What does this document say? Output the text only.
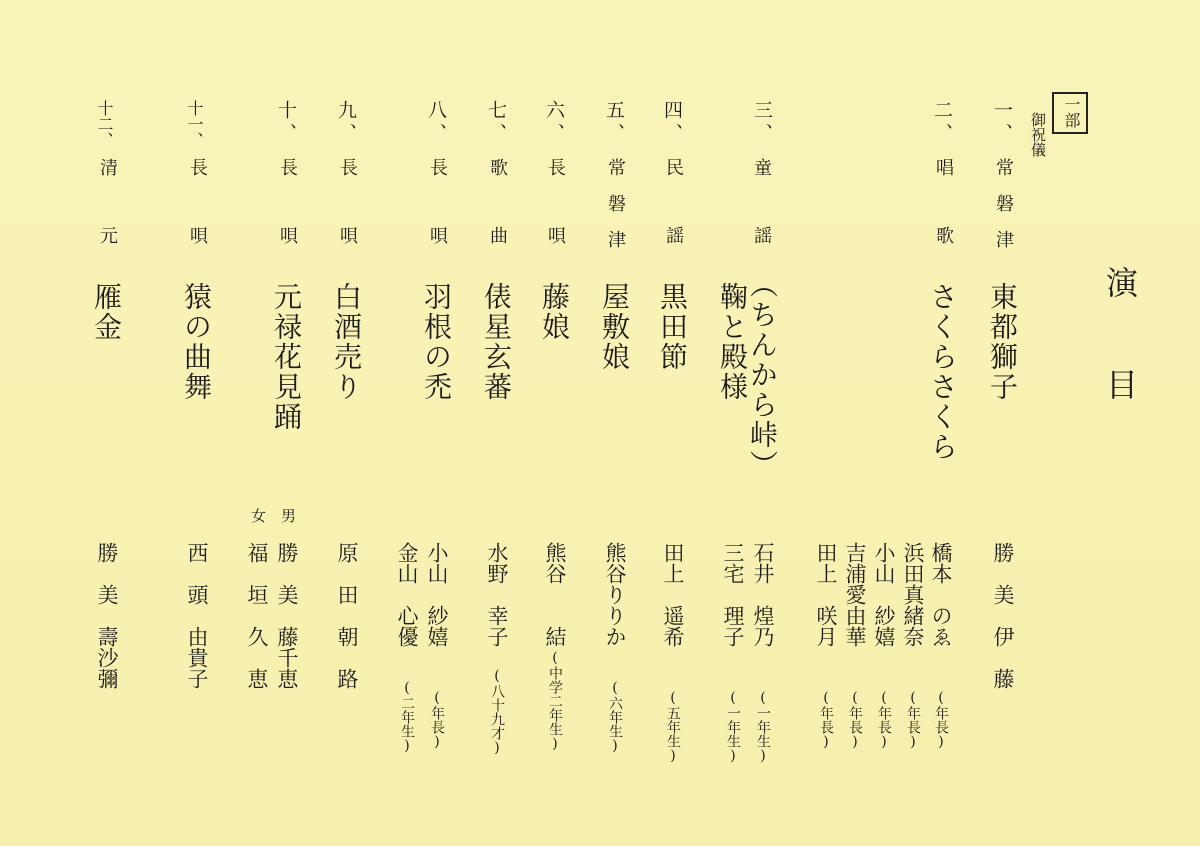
演目
一部
御祝儀
一、
常磐津
東都獅子
勝　美　伊　藤
二、
唱
歌
さくらさくら
橋本　のゑ
(年長)
浜田真緒奈
(年長)
小山　紗嬉
(年長)
吉浦愛由華
(年長)
田上　咲月
(年長)
三、
童
謡
（ちんから峠）
鞠と殿様
石井　煌乃
(一年生)
三宅　理子
(一年生)
四、
民
謡
黒田節
田上　遥希
(五年生)
五、
常磐津
屋敷娘
熊谷りりか
(六年生)
六、
長
唄
藤娘
熊谷　　結
(中学二年生)
七、
歌
曲
俵星玄蕃
水野　幸子
(八十九才)
八、
長
唄
羽根の禿
小山　紗嬉
(年長)
金山　心優
(二年生)
九、
長
唄
白酒売り
原　田　朝　路
十、
長
唄
元禄花見踊
男
勝　美　藤千恵
女
福　垣　久　恵
十一、
長
唄
猿の曲舞
西　頭　由貴子
十二、
清
元
雁金
勝　美　壽沙彌
